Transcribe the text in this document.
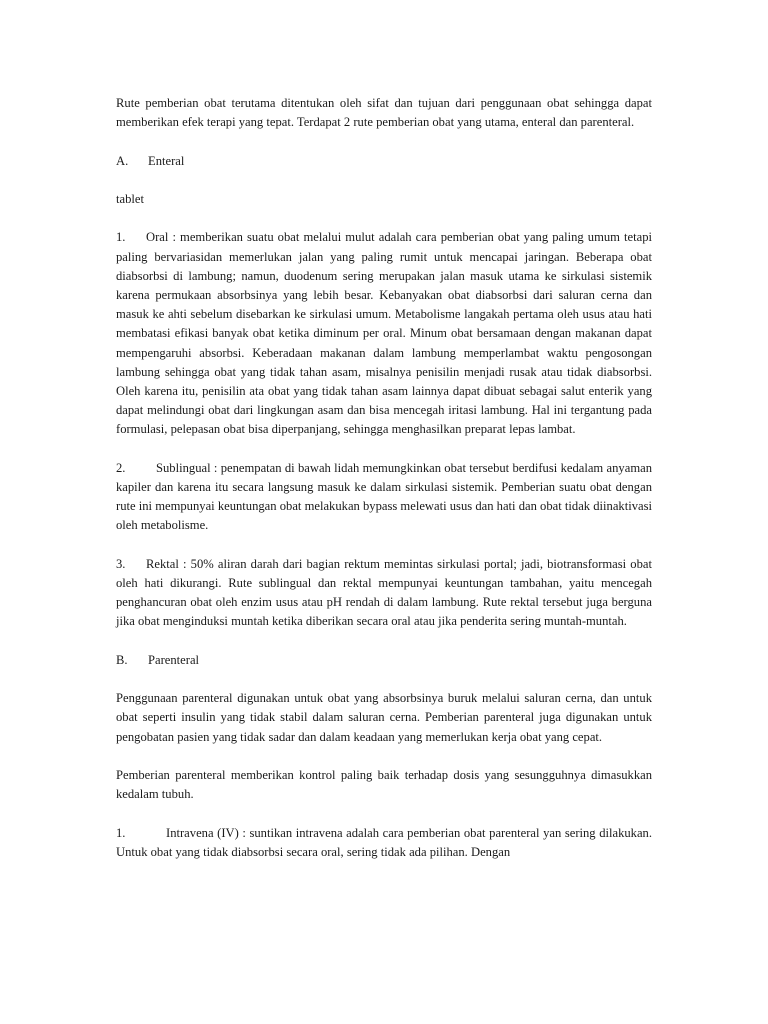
Rute pemberian obat terutama ditentukan oleh sifat dan tujuan dari penggunaan obat sehingga dapat memberikan efek terapi yang tepat. Terdapat 2 rute pemberian obat yang utama, enteral dan parenteral.

A. Enteral

tablet

1. Oral : memberikan suatu obat melalui mulut adalah cara pemberian obat yang paling umum tetapi paling bervariasidan memerlukan jalan yang paling rumit untuk mencapai jaringan. Beberapa obat diabsorbsi di lambung; namun, duodenum sering merupakan jalan masuk utama ke sirkulasi sistemik karena permukaan absorbsinya yang lebih besar. Kebanyakan obat diabsorbsi dari saluran cerna dan masuk ke ahti sebelum disebarkan ke sirkulasi umum. Metabolisme langakah pertama oleh usus atau hati membatasi efikasi banyak obat ketika diminum per oral. Minum obat bersamaan dengan makanan dapat mempengaruhi absorbsi. Keberadaan makanan dalam lambung memperlambat waktu pengosongan lambung sehingga obat yang tidak tahan asam, misalnya penisilin menjadi rusak atau tidak diabsorbsi. Oleh karena itu, penisilin ata obat yang tidak tahan asam lainnya dapat dibuat sebagai salut enterik yang dapat melindungi obat dari lingkungan asam dan bisa mencegah iritasi lambung. Hal ini tergantung pada formulasi, pelepasan obat bisa diperpanjang, sehingga menghasilkan preparat lepas lambat.

2. Sublingual : penempatan di bawah lidah memungkinkan obat tersebut berdifusi kedalam anyaman kapiler dan karena itu secara langsung masuk ke dalam sirkulasi sistemik. Pemberian suatu obat dengan rute ini mempunyai keuntungan obat melakukan bypass melewati usus dan hati dan obat tidak diinaktivasi oleh metabolisme.

3. Rektal : 50% aliran darah dari bagian rektum memintas sirkulasi portal; jadi, biotransformasi obat oleh hati dikurangi. Rute sublingual dan rektal mempunyai keuntungan tambahan, yaitu mencegah penghancuran obat oleh enzim usus atau pH rendah di dalam lambung. Rute rektal tersebut juga berguna jika obat menginduksi muntah ketika diberikan secara oral atau jika penderita sering muntah-muntah.

B. Parenteral

Penggunaan parenteral digunakan untuk obat yang absorbsinya buruk melalui saluran cerna, dan untuk obat seperti insulin yang tidak stabil dalam saluran cerna. Pemberian parenteral juga digunakan untuk pengobatan pasien yang tidak sadar dan dalam keadaan yang memerlukan kerja obat yang cepat.

Pemberian parenteral memberikan kontrol paling baik terhadap dosis yang sesungguhnya dimasukkan kedalam tubuh.

1.	Intravena (IV) : suntikan intravena adalah cara pemberian obat parenteral yan sering dilakukan. Untuk obat yang tidak diabsorbsi secara oral, sering tidak ada pilihan. Dengan
